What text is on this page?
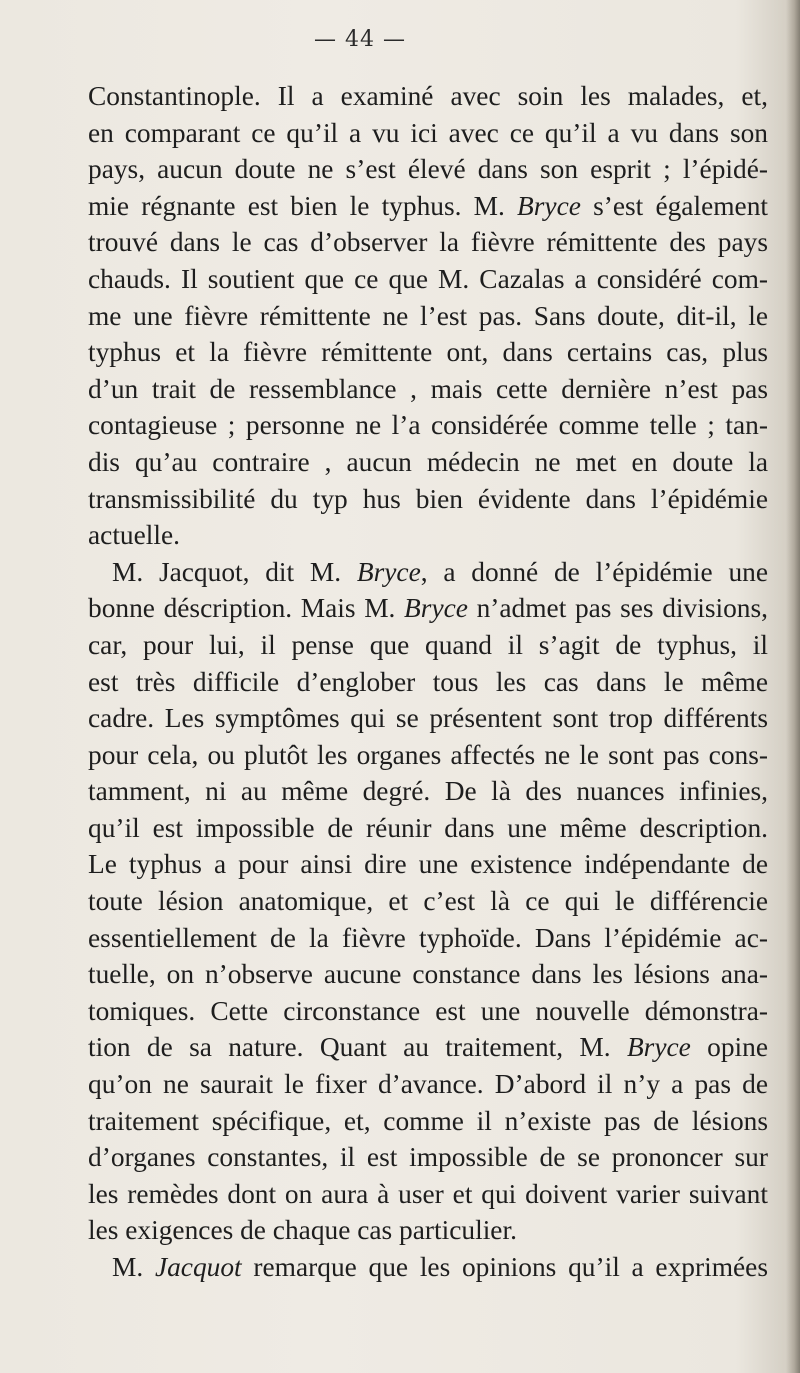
— 44 —
Constantinople. Il a examiné avec soin les malades, et,
en comparant ce qu’il a vu ici avec ce qu’il a vu dans son
pays, aucun doute ne s’est élevé dans son esprit ; l’épidé-
mie régnante est bien le typhus. M. Bryce s’est également
trouvé dans le cas d’observer la fièvre rémittente des pays
chauds. Il soutient que ce que M. Cazalas a considéré com-
me une fièvre rémittente ne l’est pas. Sans doute, dit-il, le
typhus et la fièvre rémittente ont, dans certains cas, plus
d’un trait de ressemblance , mais cette dernière n’est pas
contagieuse ; personne ne l’a considérée comme telle ; tan-
dis qu’au contraire , aucun médecin ne met en doute la
transmissibilité du typ hus bien évidente dans l’épidémie
actuelle.
M. Jacquot, dit M. Bryce, a donné de l’épidémie une
bonne déscription. Mais M. Bryce n’admet pas ses divisions,
car, pour lui, il pense que quand il s’agit de typhus, il
est très difficile d’englober tous les cas dans le même
cadre. Les symptômes qui se présentent sont trop différents
pour cela, ou plutôt les organes affectés ne le sont pas cons-
tamment, ni au même degré. De là des nuances infinies,
qu’il est impossible de réunir dans une même description.
Le typhus a pour ainsi dire une existence indépendante de
toute lésion anatomique, et c’est là ce qui le différencie
essentiellement de la fièvre typhoïde. Dans l’épidémie ac-
tuelle, on n’observe aucune constance dans les lésions ana-
tomiques. Cette circonstance est une nouvelle démonstra-
tion de sa nature. Quant au traitement, M. Bryce opine
qu’on ne saurait le fixer d’avance. D’abord il n’y a pas de
traitement spécifique, et, comme il n’existe pas de lésions
d’organes constantes, il est impossible de se prononcer sur
les remèdes dont on aura à user et qui doivent varier suivant
les exigences de chaque cas particulier.
M. Jacquot remarque que les opinions qu’il a exprimées
